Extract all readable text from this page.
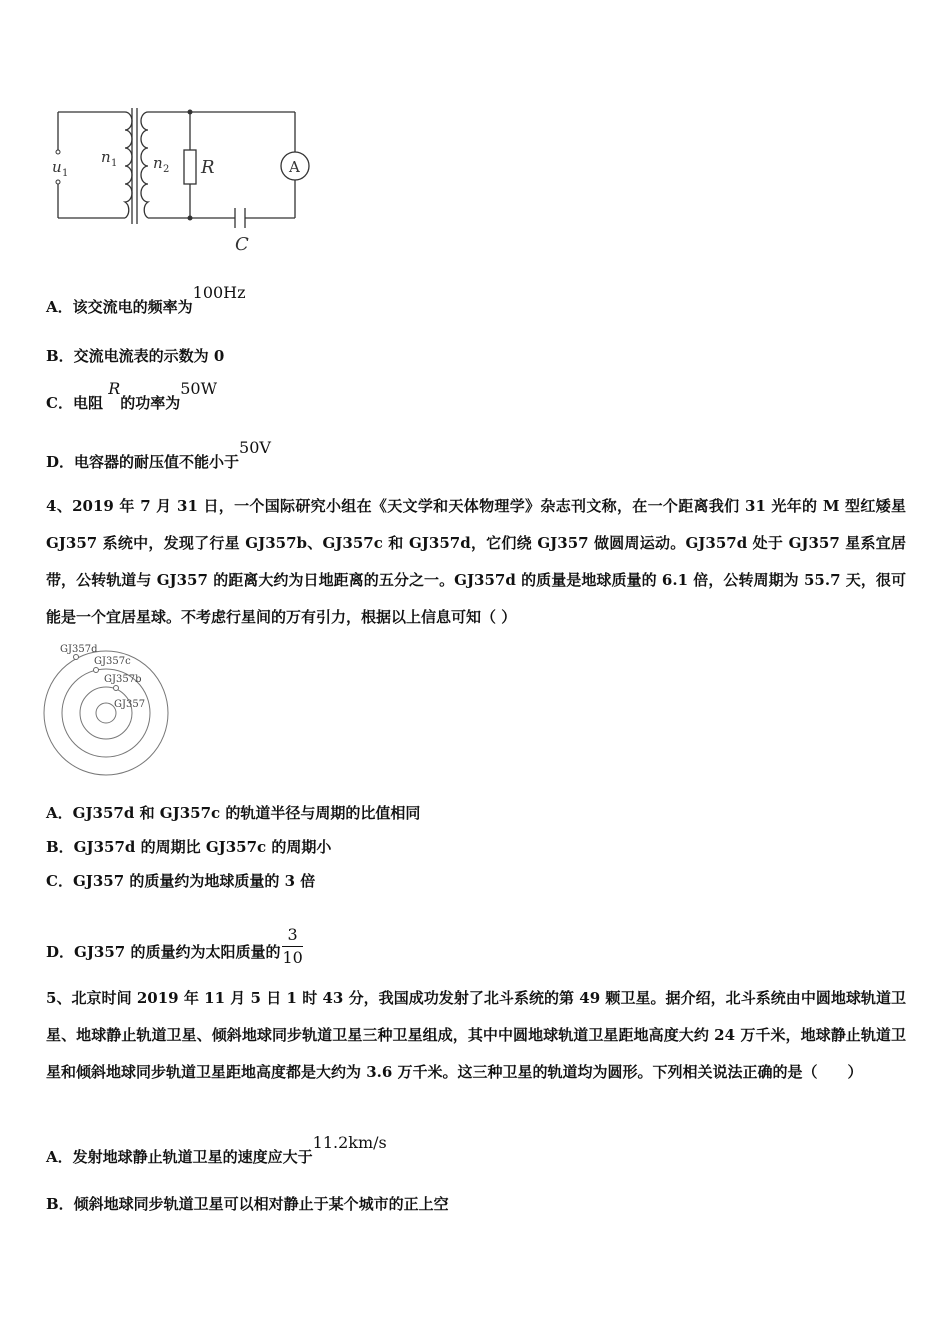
u 1
n 1 n 2 R	A
C
A．该交流电的频率为100Hz
B．交流电流表的示数为 0
C．电阻 R的功率为50W
D．电容器的耐压值不能小于50V
4、2019 年 7 月 31 日，一个国际研究小组在《天文学和天体物理学》杂志刊文称，在一个距离我们 31 光年的 M 型红矮星 GJ357 系统中，发现了行星 GJ357b、GJ357c 和 GJ357d，它们绕 GJ357 做圆周运动。GJ357d 处于 GJ357 星系宜居带，公转轨道与 GJ357 的距离大约为日地距离的五分之一。GJ357d 的质量是地球质量的 6.1 倍，公转周期为 55.7 天，很可能是一个宜居星球。不考虑行星间的万有引力，根据以上信息可知（ ）
GJ357d
GJ357c
GJ357b
GJ357
A．GJ357d 和 GJ357c 的轨道半径与周期的比值相同
B．GJ357d 的周期比 GJ357c 的周期小
C．GJ357 的质量约为地球质量的 3 倍
D．GJ357 的质量约为太阳质量的 $\frac{3}{10}$
5、北京时间 2019 年 11 月 5 日 1 时 43 分，我国成功发射了北斗系统的第 49 颗卫星。据介绍，北斗系统由中圆地球轨道卫星、地球静止轨道卫星、倾斜地球同步轨道卫星三种卫星组成，其中中圆地球轨道卫星距地高度大约 24 万千米，地球静止轨道卫星和倾斜地球同步轨道卫星距地高度都是大约为 3.6 万千米。这三种卫星的轨道均为圆形。下列相关说法正确的是（　　）
A．发射地球静止轨道卫星的速度应大于11.2km/s
B．倾斜地球同步轨道卫星可以相对静止于某个城市的正上空
